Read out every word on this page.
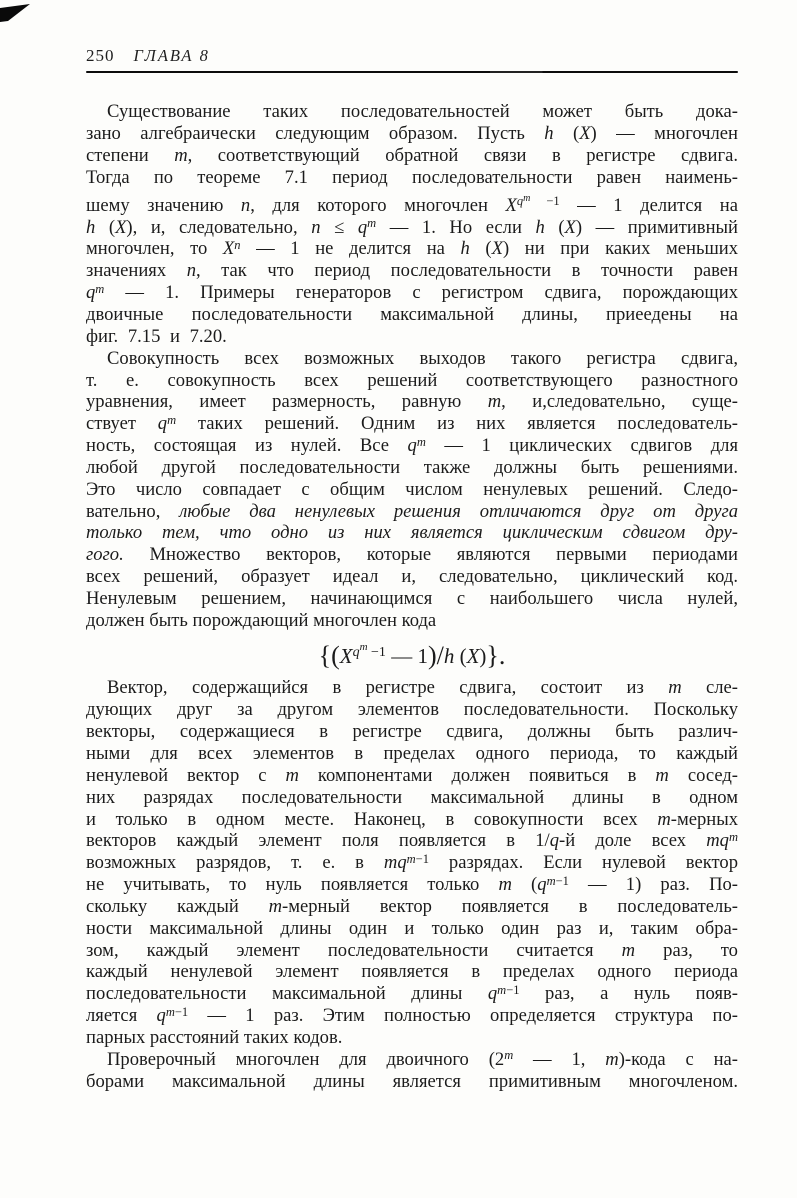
250 ГЛАВА 8
Существование таких последовательностей может быть дока-
зано алгебраически следующим образом. Пусть h (X) — многочлен
степени m, соответствующий обратной связи в регистре сдвига.
Тогда по теореме 7.1 период последовательности равен наимень-
шему значению n, для которого многочлен $X^{qm}$ $^{-1}$ — 1 делится на
h (X), и, следовательно, $n \le q^m$ — 1. Но если h (X) — примитивный
многочлен, то $X^n$ — 1 не делится на h (X) ни при каких меньших
значениях n, так что период последовательности в точности равен
$q^m$ — 1. Примеры генераторов с регистром сдвига, порождающих
двоичные последовательности максимальной длины, приеедены на
фиг. 7.15 и 7.20.
Совокупность всех возможных выходов такого регистра сдвига,
т. е. совокупность всех решений соответствующего разностного
уравнения, имеет размерность, равную m, и,следовательно, суще-
ствует $q^m$ таких решений. Одним из них является последователь-
ность, состоящая из нулей. Все $q^m$ — 1 циклических сдвигов для
любой другой последовательности также должны быть решениями.
Это число совпадает с общим числом ненулевых решений. Следо-
вательно, любые два ненулевых решения отличаются друг от друга
только тем, что одно из них является циклическим сдвигом дру-
гого. Множество векторов, которые являются первыми периодами
всех решений, образует идеал и, следовательно, циклический код.
Ненулевым решением, начинающимся с наибольшего числа нулей,
должен быть порождающий многочлен кода
{($X^{qm}$ $^{-1}$ — 1)/h (X)}.
Вектор, содержащийся в регистре сдвига, состоит из m сле-
дующих друг за другом элементов последовательности. Поскольку
векторы, содержащиеся в регистре сдвига, должны быть различ-
ными для всех элементов в пределах одного периода, то каждый
ненулевой вектор с m компонентами должен появиться в m сосед-
них разрядах последовательности максимальной длины в одном
и только в одном месте. Наконец, в совокупности всех m-мерных
векторов каждый элемент поля появляется в 1/q-й доле всех $mq^m$
возможных разрядов, т. е. в $mq^{m-1}$ разрядах. Если нулевой вектор
не учитывать, то нуль появляется только m ($q^{m-1}$ — 1) раз. По-
скольку каждый m-мерный вектор появляется в последователь-
ности максимальной длины один и только один раз и, таким обра-
зом, каждый элемент последовательности считается m раз, то
каждый ненулевой элемент появляется в пределах одного периода
последовательности максимальной длины $q^{m-1}$ раз, а нуль появ-
ляется $q^{m-1}$ — 1 раз. Этим полностью определяется структура по-
парных расстояний таких кодов.
Проверочный многочлен для двоичного (2$^m$ — 1, m)-кода с на-
борами максимальной длины является примитивным многочленом.
